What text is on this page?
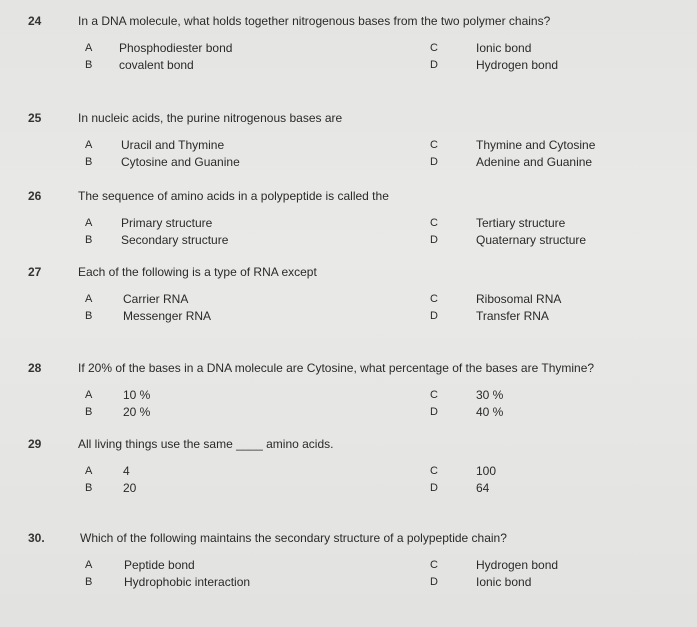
24	In a DNA molecule, what holds together nitrogenous bases from the two polymer chains?
A Phosphodiester bond
B covalent bond
C	Ionic bond
D	Hydrogen bond
25	In nucleic acids, the purine nitrogenous bases are
A Uracil and Thymine
B Cytosine and Guanine
C	Thymine and Cytosine
D	Adenine and Guanine
26	The sequence of amino acids in a polypeptide is called the
A Primary structure
B Secondary structure
C	Tertiary structure
D	Quaternary structure
27	Each of the following is a type of RNA except
A	Carrier RNA
B	Messenger RNA
C	Ribosomal RNA
D	Transfer RNA
28	If 20% of the bases in a DNA molecule are Cytosine, what percentage of the bases are Thymine?
A	10 %
B	20 %
C	30 %
D	40 %
29	All living things use the same ____ amino acids.
A	4
B	20
C	100
D	64
30.	Which of the following maintains the secondary structure of a polypeptide chain?
A	Peptide bond
B	Hydrophobic interaction
C	Hydrogen bond
D	Ionic bond
